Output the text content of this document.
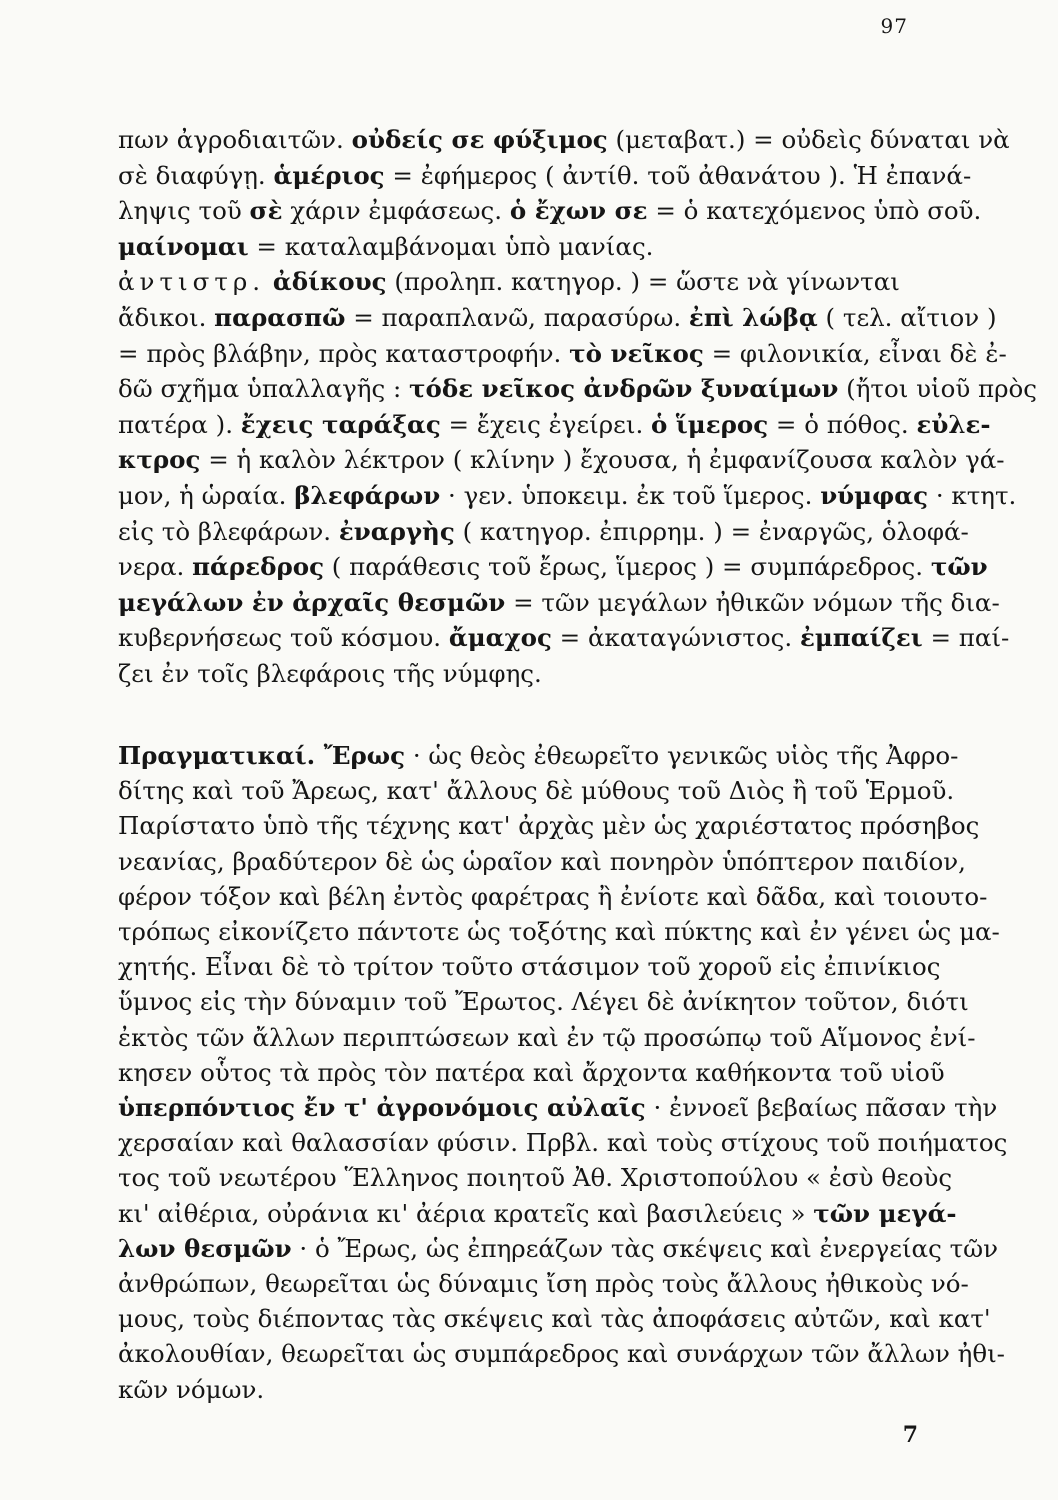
97
πων ἀγροδιαιτῶν. οὐδείς σε φύξιμος (μεταβατ.) = οὐδεὶς δύναται νὰ
σὲ διαφύγῃ. ἁμέριος = ἐφήμερος ( ἀντίθ. τοῦ ἀθανάτου ). Ἡ ἐπανά-
ληψις τοῦ σὲ χάριν ἐμφάσεως. ὁ ἔχων σε = ὁ κατεχόμενος ὑπὸ σοῦ.
μαίνομαι = καταλαμβάνομαι ὑπὸ μανίας.
ἀντιστρ. ἀδίκους (προληπ. κατηγορ. ) = ὥστε νὰ γίνωνται
ἄδικοι. παρασπῶ = παραπλανῶ, παρασύρω. ἐπὶ λώβᾳ ( τελ. αἴτιον )
= πρὸς βλάβην, πρὸς καταστροφήν. τὸ νεῖκος = φιλονικία, εἶναι δὲ ἐ-
δῶ σχῆμα ὑπαλλαγῆς : τόδε νεῖκος ἀνδρῶν ξυναίμων (ἤτοι υἱοῦ πρὸς
πατέρα ). ἔχεις ταράξας = ἔχεις ἐγείρει. ὁ ἵμερος = ὁ πόθος. εὐλε-
κτρος = ἡ καλὸν λέκτρον ( κλίνην ) ἔχουσα, ἡ ἐμφανίζουσα καλὸν γά-
μον, ἡ ὡραία. βλεφάρων · γεν. ὑποκειμ. ἐκ τοῦ ἵμερος. νύμφας · κτητ.
εἰς τὸ βλεφάρων. ἐναργὴς ( κατηγορ. ἐπιρρημ. ) = ἐναργῶς, ὁλοφά-
νερα. πάρεδρος ( παράθεσις τοῦ ἔρως, ἵμερος ) = συμπάρεδρος. τῶν
μεγάλων ἐν ἀρχαῖς θεσμῶν = τῶν μεγάλων ἠθικῶν νόμων τῆς δια-
κυβερνήσεως τοῦ κόσμου. ἄμαχος = ἀκαταγώνιστος. ἐμπαίζει = παί-
ζει ἐν τοῖς βλεφάροις τῆς νύμφης.
Πραγματικαί. Ἔρως · ὡς θεὸς ἐθεωρεῖτο γενικῶς υἱὸς τῆς Ἀφρο-
δίτης καὶ τοῦ Ἄρεως, κατ' ἄλλους δὲ μύθους τοῦ Διὸς ἢ τοῦ Ἑρμοῦ.
Παρίστατο ὑπὸ τῆς τέχνης κατ' ἀρχὰς μὲν ὡς χαριέστατος πρόσηβος
νεανίας, βραδύτερον δὲ ὡς ὡραῖον καὶ πονηρὸν ὑπόπτερον παιδίον,
φέρον τόξον καὶ βέλη ἐντὸς φαρέτρας ἢ ἐνίοτε καὶ δᾶδα, καὶ τοιουτο-
τρόπως εἰκονίζετο πάντοτε ὡς τοξότης καὶ πύκτης καὶ ἐν γένει ὡς μα-
χητής. Εἶναι δὲ τὸ τρίτον τοῦτο στάσιμον τοῦ χοροῦ εἰς ἐπινίκιος
ὕμνος εἰς τὴν δύναμιν τοῦ Ἔρωτος. Λέγει δὲ ἀνίκητον τοῦτον, διότι
ἐκτὸς τῶν ἄλλων περιπτώσεων καὶ ἐν τῷ προσώπῳ τοῦ Αἵμονος ἐνί-
κησεν οὗτος τὰ πρὸς τὸν πατέρα καὶ ἄρχοντα καθήκοντα τοῦ υἱοῦ
ὑπερπόντιος ἔν τ' ἀγρονόμοις αὐλαῖς · ἐννοεῖ βεβαίως πᾶσαν τὴν
χερσαίαν καὶ θαλασσίαν φύσιν. Πρβλ. καὶ τοὺς στίχους τοῦ ποιήματος
τος τοῦ νεωτέρου Ἕλληνος ποιητοῦ Ἀθ. Χριστοπούλου « ἐσὺ θεοὺς
κι' αἰθέρια, οὐράνια κι' ἀέρια κρατεῖς καὶ βασιλεύεις » τῶν μεγά-
λων θεσμῶν · ὁ Ἔρως, ὡς ἐπηρεάζων τὰς σκέψεις καὶ ἐνεργείας τῶν
ἀνθρώπων, θεωρεῖται ὡς δύναμις ἴση πρὸς τοὺς ἄλλους ἠθικοὺς νό-
μους, τοὺς διέποντας τὰς σκέψεις καὶ τὰς ἀποφάσεις αὐτῶν, καὶ κατ'
ἀκολουθίαν, θεωρεῖται ὡς συμπάρεδρος καὶ συνάρχων τῶν ἄλλων ἠθι-
κῶν νόμων.
7
